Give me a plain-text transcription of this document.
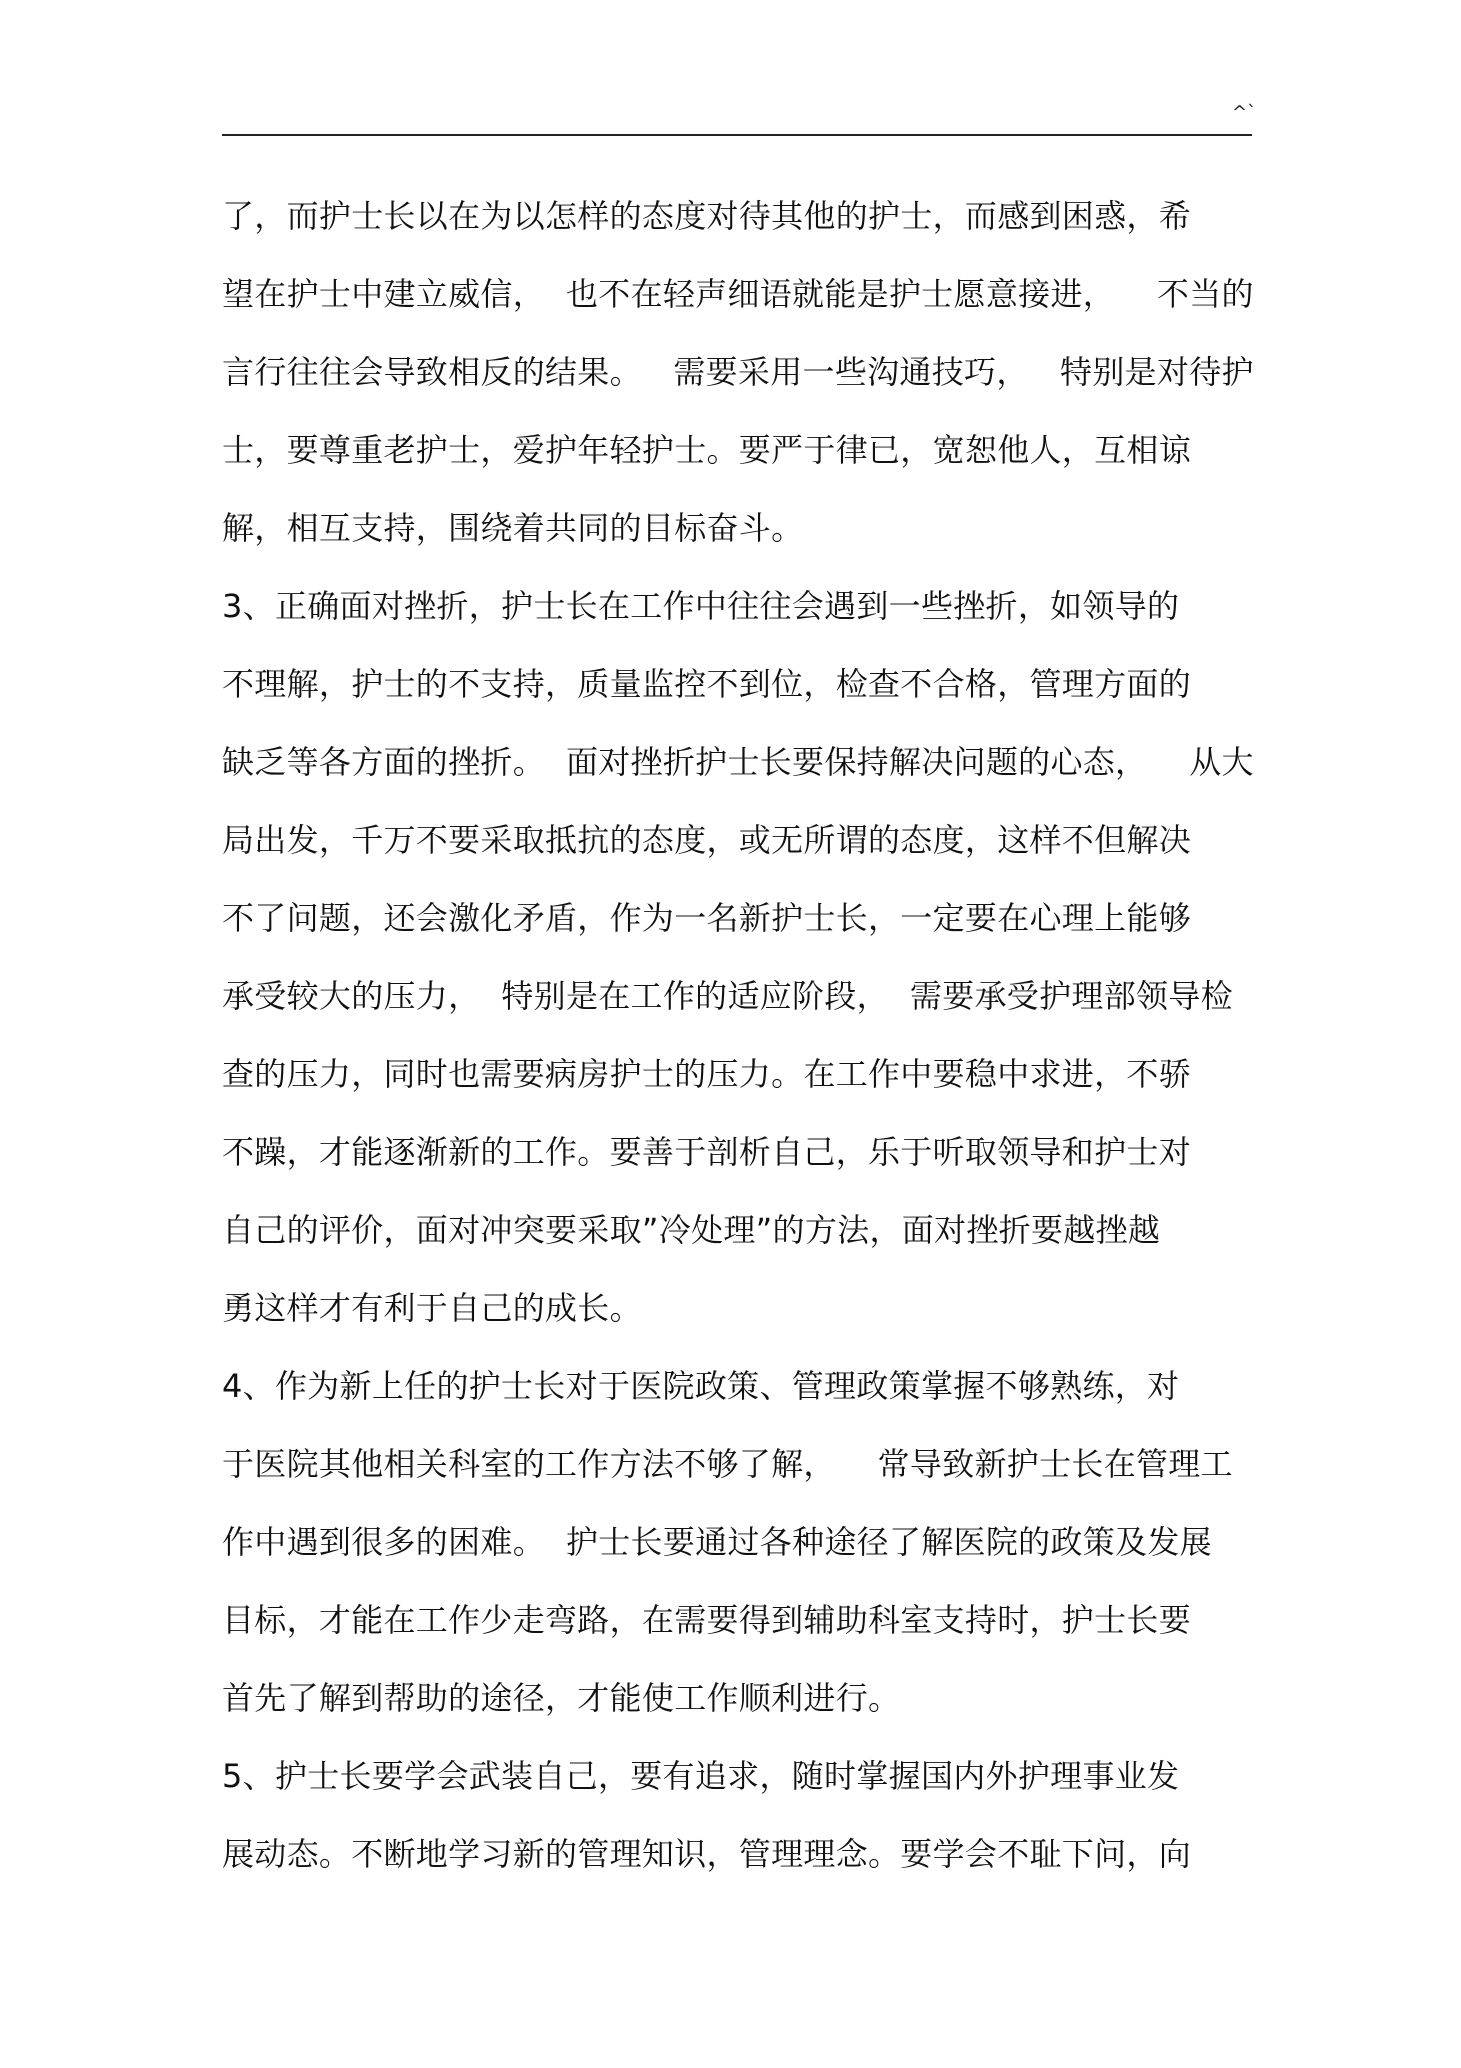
^`
了，而护士长以在为以怎样的态度对待其他的护士，而感到困惑，希
望在护士中建立威信，  也不在轻声细语就能是护士愿意接进，    不当的
言行往往会导致相反的结果。   需要采用一些沟通技巧，   特别是对待护
士，要尊重老护士，爱护年轻护士。要严于律已，宽恕他人，互相谅
解，相互支持，围绕着共同的目标奋斗。
3、正确面对挫折，护士长在工作中往往会遇到一些挫折，如领导的
不理解，护士的不支持，质量监控不到位，检查不合格，管理方面的
缺乏等各方面的挫折。  面对挫折护士长要保持解决问题的心态，    从大
局出发，千万不要采取抵抗的态度，或无所谓的态度，这样不但解决
不了问题，还会激化矛盾，作为一名新护士长，一定要在心理上能够
承受较大的压力，  特别是在工作的适应阶段，  需要承受护理部领导检
查的压力，同时也需要病房护士的压力。在工作中要稳中求进，不骄
不躁，才能逐渐新的工作。要善于剖析自己，乐于听取领导和护士对
自己的评价，面对冲突要采取”冷处理”的方法，面对挫折要越挫越
勇这样才有利于自己的成长。
4、作为新上任的护士长对于医院政策、管理政策掌握不够熟练，对
于医院其他相关科室的工作方法不够了解，    常导致新护士长在管理工
作中遇到很多的困难。  护士长要通过各种途径了解医院的政策及发展
目标，才能在工作少走弯路，在需要得到辅助科室支持时，护士长要
首先了解到帮助的途径，才能使工作顺利进行。
5、护士长要学会武装自己，要有追求，随时掌握国内外护理事业发
展动态。不断地学习新的管理知识，管理理念。要学会不耻下问，向
